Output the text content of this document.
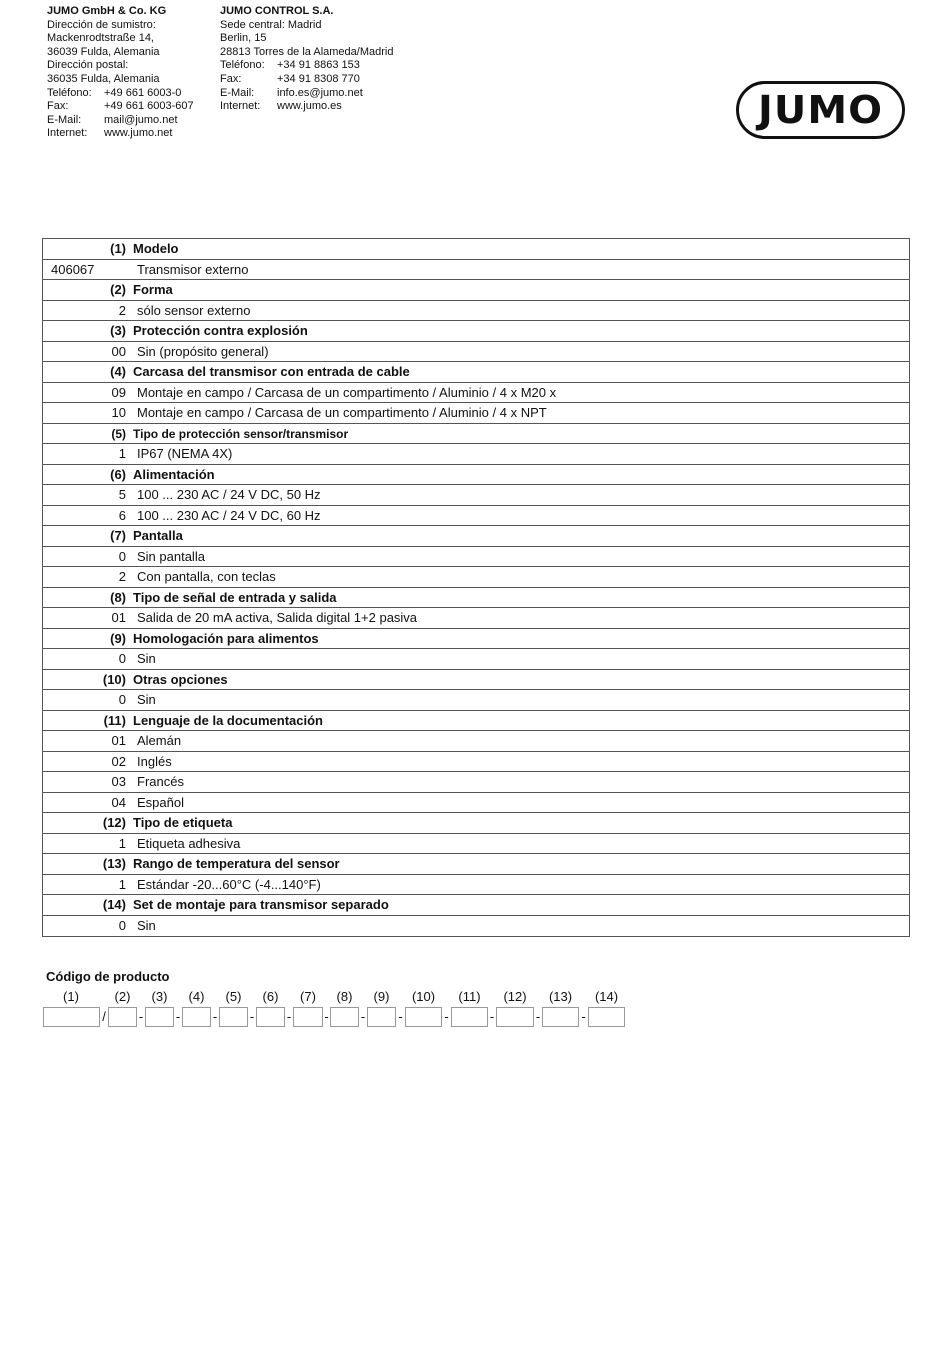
JUMO GmbH & Co. KG
Dirección de sumistro:
Mackenrodtstraße 14,
36039 Fulda, Alemania
Dirección postal:
36035 Fulda, Alemania
Teléfono: +49 661 6003-0
Fax:	+49 661 6003-607
E-Mail: mail@jumo.net
Internet: www.jumo.net
JUMO CONTROL S.A.
Sede central: Madrid
Berlin, 15
28813 Torres de la Alameda/Madrid
Teléfono: +34 91 8863 153
Fax:	+34 91 8308 770
E-Mail: info.es@jumo.net
Internet: www.jumo.es	JUMO
(1) Modelo
406067	Transmisor externo
(2) Forma
2 sólo sensor externo
(3) Protección contra explosión
00 Sin (propósito general)
(4) Carcasa del transmisor con entrada de cable
09 Montaje en campo / Carcasa de un compartimento / Aluminio / 4 x M20 x
10 Montaje en campo / Carcasa de un compartimento / Aluminio / 4 x NPT
(5) Tipo de protección sensor/transmisor
1 IP67 (NEMA 4X)
(6) Alimentación
5 100 ... 230 AC / 24 V DC, 50 Hz
6 100 ... 230 AC / 24 V DC, 60 Hz
(7) Pantalla
0 Sin pantalla
2 Con pantalla, con teclas
(8) Tipo de señal de entrada y salida
01 Salida de 20 mA activa, Salida digital 1+2 pasiva
(9) Homologación para alimentos
0 Sin
(10) Otras opciones
0 Sin
(11) Lenguaje de la documentación
01 Alemán
02 Inglés
03 Francés
04 Español
(12) Tipo de etiqueta
1 Etiqueta adhesiva
(13) Rango de temperatura del sensor
1 Estándar -20...60°C (-4...140°F)
(14) Set de montaje para transmisor separado
0 Sin
Código de producto
(1)	(2) (3) (4) (5) (6) (7) (8) (9) (10) (11) (12) (13) (14)
/	-	-	-	-	-	- -	-	-	-	-	-
